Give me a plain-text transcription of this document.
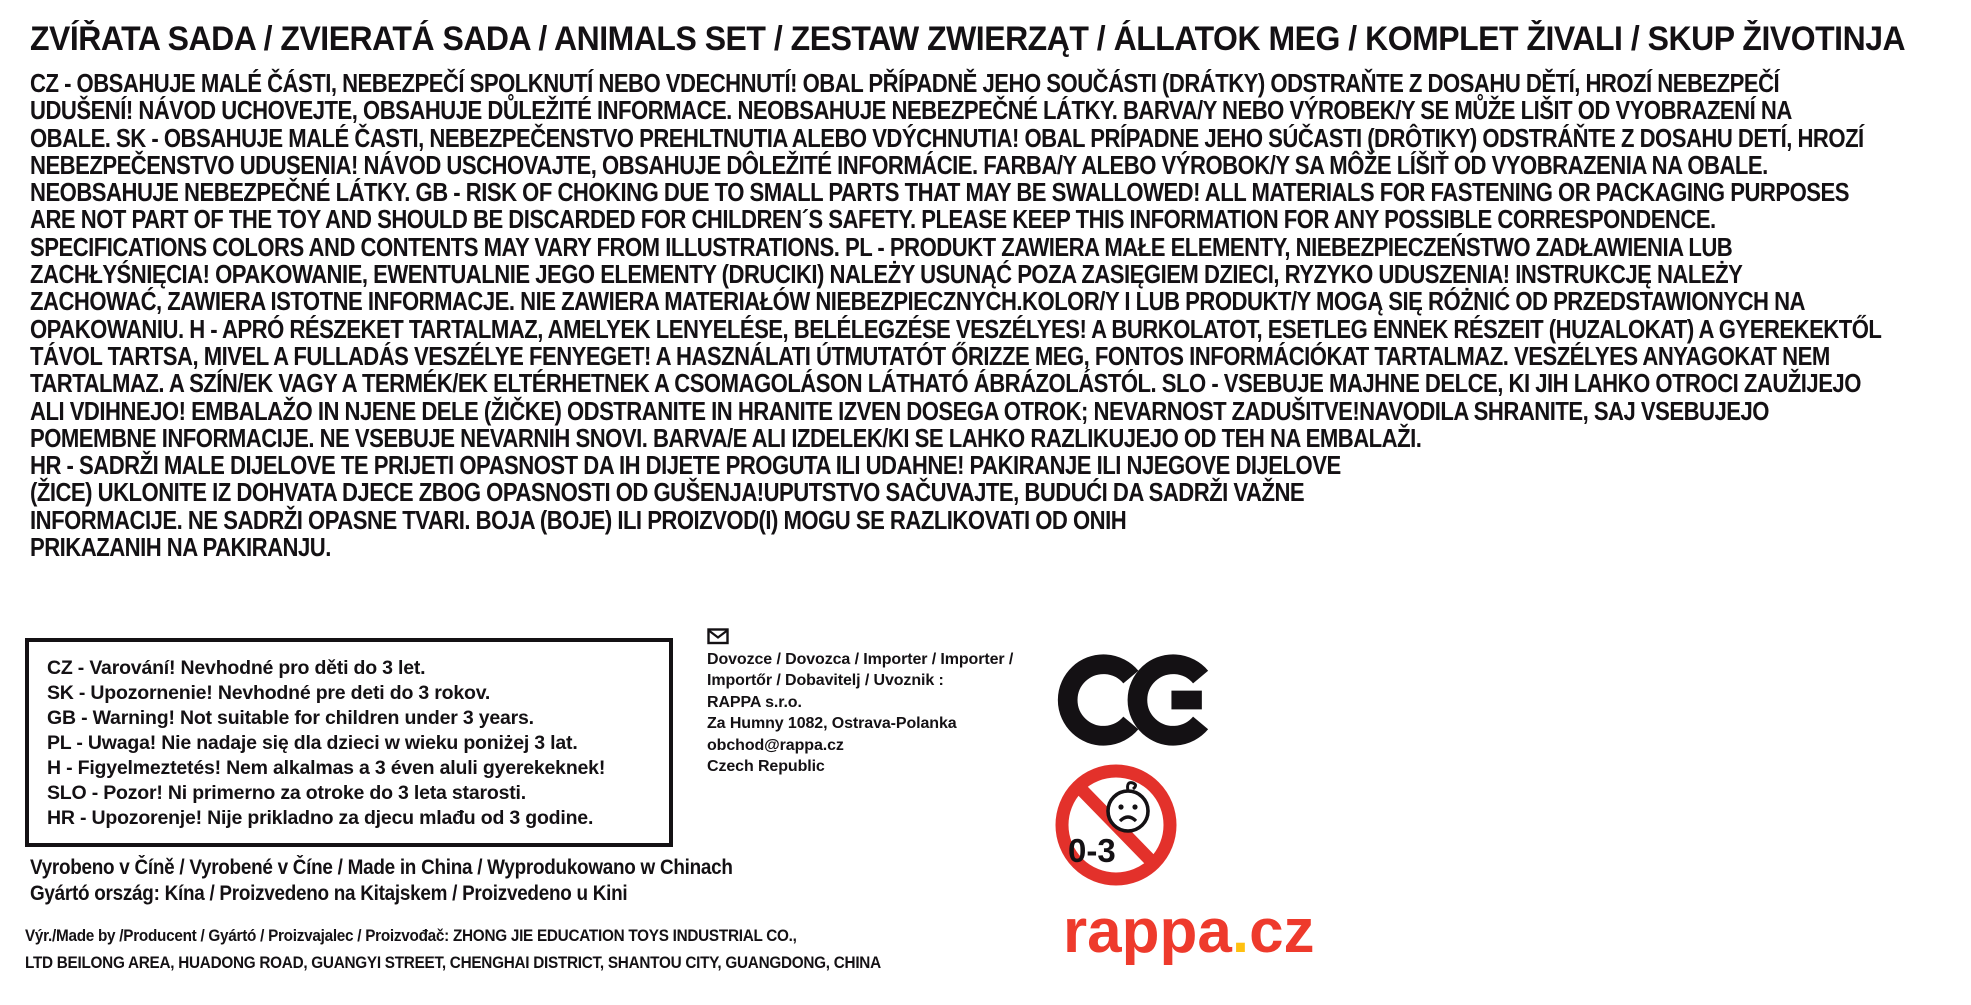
ZVÍŘATA SADA / ZVIERATÁ SADA / ANIMALS SET / ZESTAW ZWIERZĄT / ÁLLATOK MEG / KOMPLET ŽIVALI / SKUP ŽIVOTINJA
CZ - OBSAHUJE MALÉ ČÁSTI, NEBEZPEČÍ SPOLKNUTÍ NEBO VDECHNUTÍ! OBAL PŘÍPADNĚ JEHO SOUČÁSTI (DRÁTKY) ODSTRAŇTE Z DOSAHU DĚTÍ, HROZÍ NEBEZPEČÍ
UDUŠENÍ! NÁVOD UCHOVEJTE, OBSAHUJE DŮLEŽITÉ INFORMACE. NEOBSAHUJE NEBEZPEČNÉ LÁTKY. BARVA/Y NEBO VÝROBEK/Y SE MŮŽE LIŠIT OD VYOBRAZENÍ NA
OBALE. SK - OBSAHUJE MALÉ ČASTI, NEBEZPEČENSTVO PREHLTNUTIA ALEBO VDÝCHNUTIA! OBAL PRÍPADNE JEHO SÚČASTI (DRÔTIKY) ODSTRÁŇTE Z DOSAHU DETÍ, HROZÍ
NEBEZPEČENSTVO UDUSENIA! NÁVOD USCHOVAJTE, OBSAHUJE DÔLEŽITÉ INFORMÁCIE. FARBA/Y ALEBO VÝROBOK/Y SA MÔŽE LÍŠIŤ OD VYOBRAZENIA NA OBALE.
NEOBSAHUJE NEBEZPEČNÉ LÁTKY. GB - RISK OF CHOKING DUE TO SMALL PARTS THAT MAY BE SWALLOWED! ALL MATERIALS FOR FASTENING OR PACKAGING PURPOSES
ARE NOT PART OF THE TOY AND SHOULD BE DISCARDED FOR CHILDREN´S SAFETY. PLEASE KEEP THIS INFORMATION FOR ANY POSSIBLE CORRESPONDENCE.
SPECIFICATIONS COLORS AND CONTENTS MAY VARY FROM ILLUSTRATIONS. PL - PRODUKT ZAWIERA MAŁE ELEMENTY, NIEBEZPIECZEŃSTWO ZADŁAWIENIA LUB
ZACHŁYŚNIĘCIA! OPAKOWANIE, EWENTUALNIE JEGO ELEMENTY (DRUCIKI) NALEŻY USUNĄĆ POZA ZASIĘGIEM DZIECI, RYZYKO UDUSZENIA! INSTRUKCJĘ NALEŻY
ZACHOWAĆ, ZAWIERA ISTOTNE INFORMACJE. NIE ZAWIERA MATERIAŁÓW NIEBEZPIECZNYCH.KOLOR/Y I LUB PRODUKT/Y MOGĄ SIĘ RÓŻNIĆ OD PRZEDSTAWIONYCH NA
OPAKOWANIU. H - APRÓ RÉSZEKET TARTALMAZ, AMELYEK LENYELÉSE, BELÉLEGZÉSE VESZÉLYES! A BURKOLATOT, ESETLEG ENNEK RÉSZEIT (HUZALOKAT) A GYEREKEKTŐL
TÁVOL TARTSA, MIVEL A FULLADÁS VESZÉLYE FENYEGET! A HASZNÁLATI ÚTMUTATÓT ŐRIZZE MEG, FONTOS INFORMÁCIÓKAT TARTALMAZ. VESZÉLYES ANYAGOKAT NEM
TARTALMAZ. A SZÍN/EK VAGY A TERMÉK/EK ELTÉRHETNEK A CSOMAGOLÁSON LÁTHATÓ ÁBRÁZOLÁSTÓL. SLO - VSEBUJE MAJHNE DELCE, KI JIH LAHKO OTROCI ZAUŽIJEJO
ALI VDIHNEJO! EMBALAŽO IN NJENE DELE (ŽIČKE) ODSTRANITE IN HRANITE IZVEN DOSEGA OTROK; NEVARNOST ZADUŠITVE!NAVODILA SHRANITE, SAJ VSEBUJEJO
POMEMBNE INFORMACIJE. NE VSEBUJE NEVARNIH SNOVI. BARVA/E ALI IZDELEK/KI SE LAHKO RAZLIKUJEJO OD TEH NA EMBALAŽI.
HR - SADRŽI MALE DIJELOVE TE PRIJETI OPASNOST DA IH DIJETE PROGUTA ILI UDAHNE! PAKIRANJE ILI NJEGOVE DIJELOVE
(ŽICE) UKLONITE IZ DOHVATA DJECE ZBOG OPASNOSTI OD GUŠENJA!UPUTSTVO SAČUVAJTE, BUDUĆI DA SADRŽI VAŽNE
INFORMACIJE. NE SADRŽI OPASNE TVARI. BOJA (BOJE) ILI PROIZVOD(I) MOGU SE RAZLIKOVATI OD ONIH
PRIKAZANIH NA PAKIRANJU.
CZ - Varování! Nevhodné pro děti do 3 let.
SK - Upozornenie! Nevhodné pre deti do 3 rokov.
GB - Warning! Not suitable for children under 3 years.
PL - Uwaga! Nie nadaje się dla dzieci w wieku poniżej 3 lat.
H - Figyelmeztetés! Nem alkalmas a 3 éven aluli gyerekeknek!
SLO - Pozor! Ni primerno za otroke do 3 leta starosti.
HR - Upozorenje! Nije prikladno za djecu mlađu od 3 godine.
Dovozce / Dovozca / Importer / Importer /
Importőr / Dobavitelj / Uvoznik :
RAPPA s.r.o.
Za Humny 1082, Ostrava-Polanka
obchod@rappa.cz
Czech Republic
0-3
rappa.cz
Vyrobeno v Číně / Vyrobené v Číne / Made in China / Wyprodukowano w Chinach
Gyártó ország: Kína / Proizvedeno na Kitajskem / Proizvedeno u Kini
Výr./Made by /Producent / Gyártó / Proizvajalec / Proizvođač: ZHONG JIE EDUCATION TOYS INDUSTRIAL CO.,
LTD BEILONG AREA, HUADONG ROAD, GUANGYI STREET, CHENGHAI DISTRICT, SHANTOU CITY, GUANGDONG, CHINA
